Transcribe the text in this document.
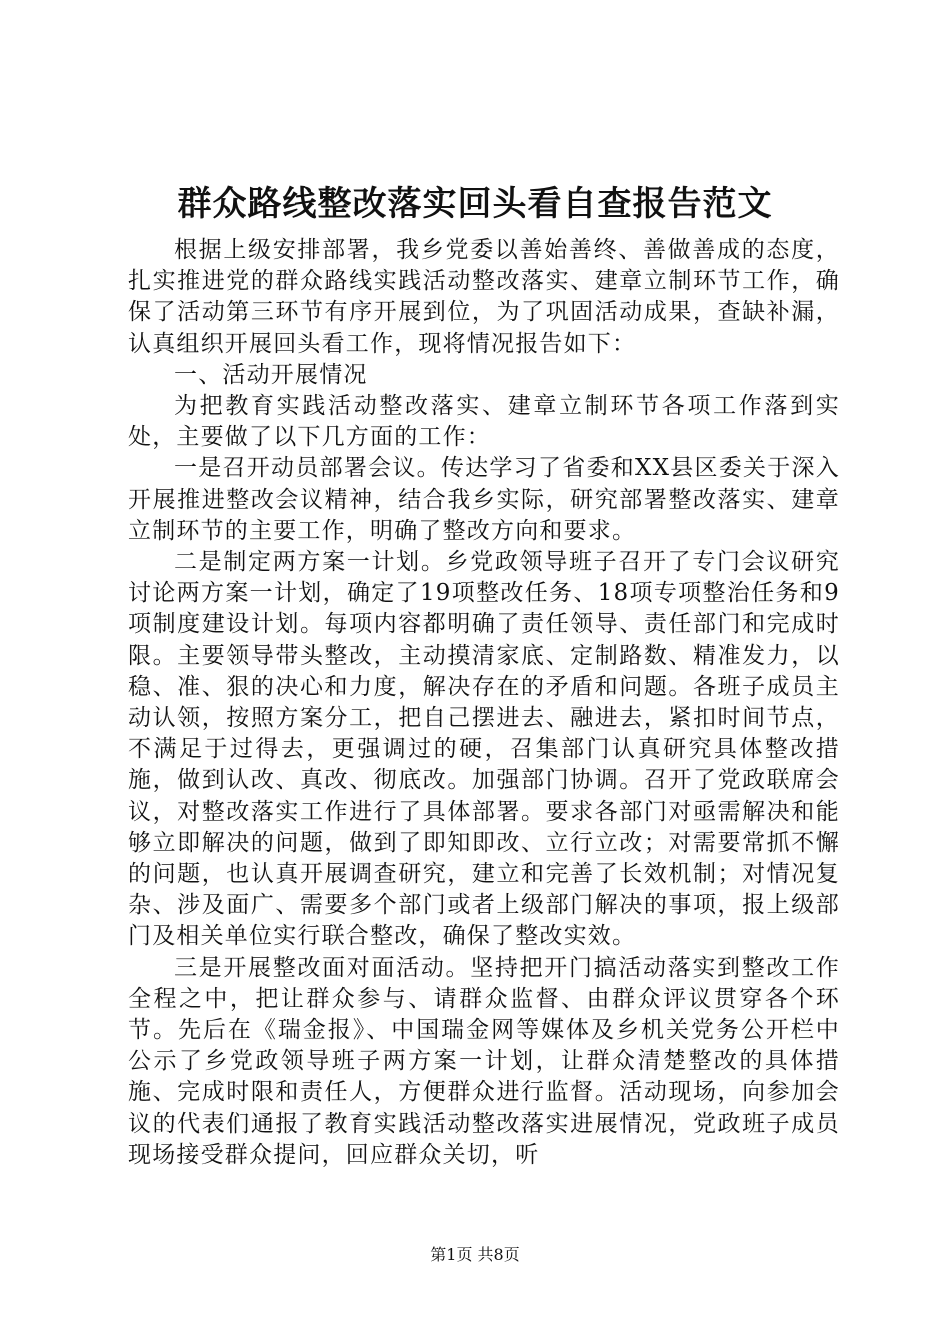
群众路线整改落实回头看自查报告范文

根据上级安排部署，我乡党委以善始善终、善做善成的态度，扎实推进党的群众路线实践活动整改落实、建章立制环节工作，确保了活动第三环节有序开展到位，为了巩固活动成果，查缺补漏，认真组织开展回头看工作，现将情况报告如下：

一、活动开展情况

为把教育实践活动整改落实、建章立制环节各项工作落到实处，主要做了以下几方面的工作：

一是召开动员部署会议。传达学习了省委和XX县区委关于深入开展推进整改会议精神，结合我乡实际，研究部署整改落实、建章立制环节的主要工作，明确了整改方向和要求。

二是制定两方案一计划。乡党政领导班子召开了专门会议研究讨论两方案一计划，确定了19项整改任务、18项专项整治任务和9项制度建设计划。每项内容都明确了责任领导、责任部门和完成时限。主要领导带头整改，主动摸清家底、定制路数、精准发力，以稳、准、狠的决心和力度，解决存在的矛盾和问题。各班子成员主动认领，按照方案分工，把自己摆进去、融进去，紧扣时间节点，不满足于过得去，更强调过的硬，召集部门认真研究具体整改措施，做到认改、真改、彻底改。加强部门协调。召开了党政联席会议，对整改落实工作进行了具体部署。要求各部门对亟需解决和能够立即解决的问题，做到了即知即改、立行立改；对需要常抓不懈的问题，也认真开展调查研究，建立和完善了长效机制；对情况复杂、涉及面广、需要多个部门或者上级部门解决的事项，报上级部门及相关单位实行联合整改，确保了整改实效。

三是开展整改面对面活动。坚持把开门搞活动落实到整改工作全程之中，把让群众参与、请群众监督、由群众评议贯穿各个环节。先后在《瑞金报》、中国瑞金网等媒体及乡机关党务公开栏中公示了乡党政领导班子两方案一计划，让群众清楚整改的具体措施、完成时限和责任人，方便群众进行监督。活动现场，向参加会议的代表们通报了教育实践活动整改落实进展情况，党政班子成员现场接受群众提问，回应群众关切，听

第1页 共8页
